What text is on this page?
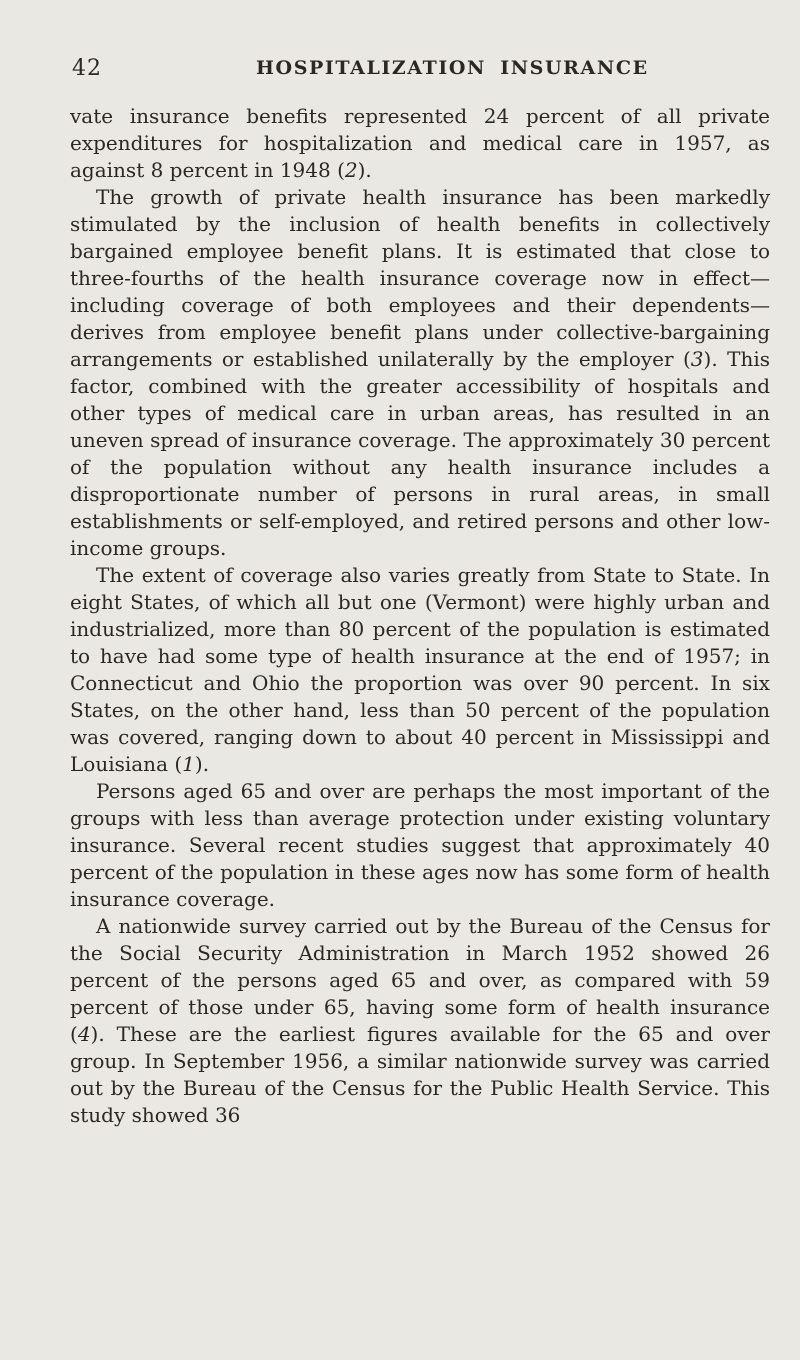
42	HOSPITALIZATION INSURANCE

vate insurance benefits represented 24 percent of all private expenditures for hospitalization and medical care in 1957, as against 8 percent in 1948 (2).

The growth of private health insurance has been markedly stimulated by the inclusion of health benefits in collectively bargained employee benefit plans. It is estimated that close to three-fourths of the health insurance coverage now in effect—including coverage of both employees and their dependents—derives from employee benefit plans under collective-bargaining arrangements or established unilaterally by the employer (3). This factor, combined with the greater accessibility of hospitals and other types of medical care in urban areas, has resulted in an uneven spread of insurance coverage. The approximately 30 percent of the population without any health insurance includes a disproportionate number of persons in rural areas, in small establishments or self-employed, and retired persons and other low-income groups.

The extent of coverage also varies greatly from State to State. In eight States, of which all but one (Vermont) were highly urban and industrialized, more than 80 percent of the population is estimated to have had some type of health insurance at the end of 1957; in Connecticut and Ohio the proportion was over 90 percent. In six States, on the other hand, less than 50 percent of the population was covered, ranging down to about 40 percent in Mississippi and Louisiana (1).

Persons aged 65 and over are perhaps the most important of the groups with less than average protection under existing voluntary insurance. Several recent studies suggest that approximately 40 percent of the population in these ages now has some form of health insurance coverage.

A nationwide survey carried out by the Bureau of the Census for the Social Security Administration in March 1952 showed 26 percent of the persons aged 65 and over, as compared with 59 percent of those under 65, having some form of health insurance (4). These are the earliest figures available for the 65 and over group. In September 1956, a similar nationwide survey was carried out by the Bureau of the Census for the Public Health Service. This study showed 36
